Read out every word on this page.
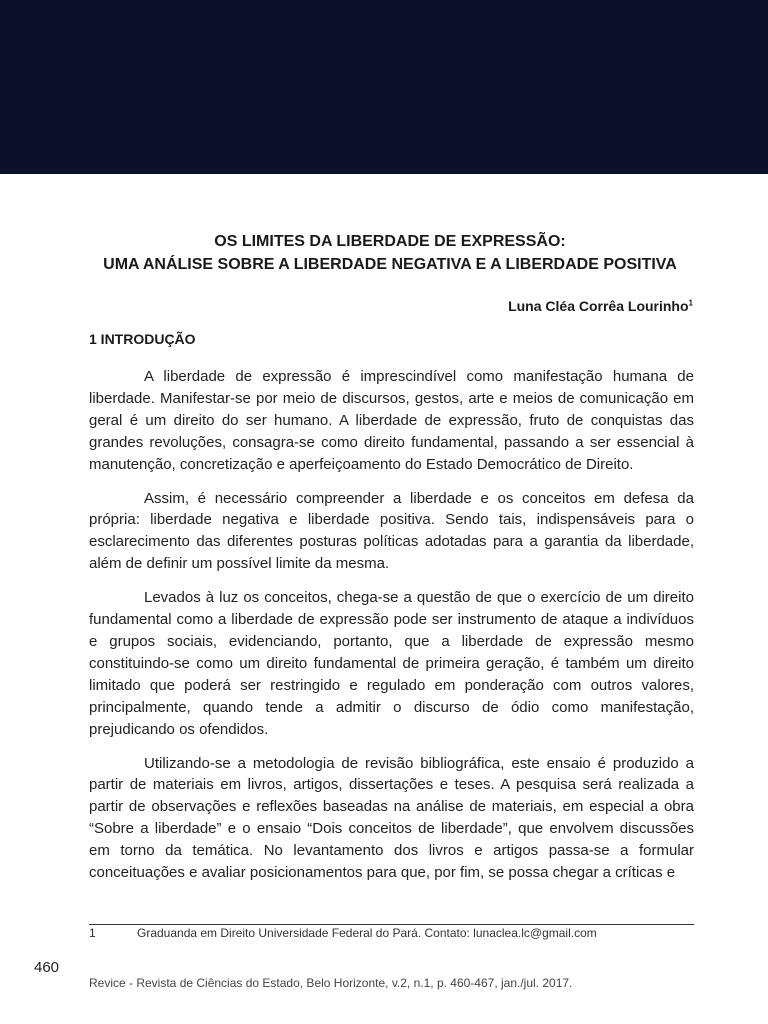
OS LIMITES DA LIBERDADE DE EXPRESSÃO:
UMA ANÁLISE SOBRE A LIBERDADE NEGATIVA E A LIBERDADE POSITIVA
Luna Cléa Corrêa Lourinho$^1$
1 INTRODUÇÃO

A liberdade de expressão é imprescindível como manifestação humana de liberdade. Manifestar-se por meio de discursos, gestos, arte e meios de comunicação em geral é um direito do ser humano. A liberdade de expressão, fruto de conquistas das grandes revoluções, consagra-se como direito fundamental, passando a ser essencial à manutenção, concretização e aperfeiçoamento do Estado Democrático de Direito.

Assim, é necessário compreender a liberdade e os conceitos em defesa da própria: liberdade negativa e liberdade positiva. Sendo tais, indispensáveis para o esclarecimento das diferentes posturas políticas adotadas para a garantia da liberdade, além de definir um possível limite da mesma.

Levados à luz os conceitos, chega-se a questão de que o exercício de um direito fundamental como a liberdade de expressão pode ser instrumento de ataque a indivíduos e grupos sociais, evidenciando, portanto, que a liberdade de expressão mesmo constituindo-se como um direito fundamental de primeira geração, é também um direito limitado que poderá ser restringido e regulado em ponderação com outros valores, principalmente, quando tende a admitir o discurso de ódio como manifestação, prejudicando os ofendidos.

Utilizando-se a metodologia de revisão bibliográfica, este ensaio é produzido a partir de materiais em livros, artigos, dissertações e teses. A pesquisa será realizada a partir de observações e reflexões baseadas na análise de materiais, em especial a obra “Sobre a liberdade” e o ensaio “Dois conceitos de liberdade”, que envolvem discussões em torno da temática. No levantamento dos livros e artigos passa-se a formular conceituações e avaliar posicionamentos para que, por fim, se possa chegar a críticas e

1	Graduanda em Direito Universidade Federal do Pará. Contato: lunaclea.lc@gmail.com
460
Revice - Revista de Ciências do Estado, Belo Horizonte, v.2, n.1, p. 460-467, jan./jul. 2017.
